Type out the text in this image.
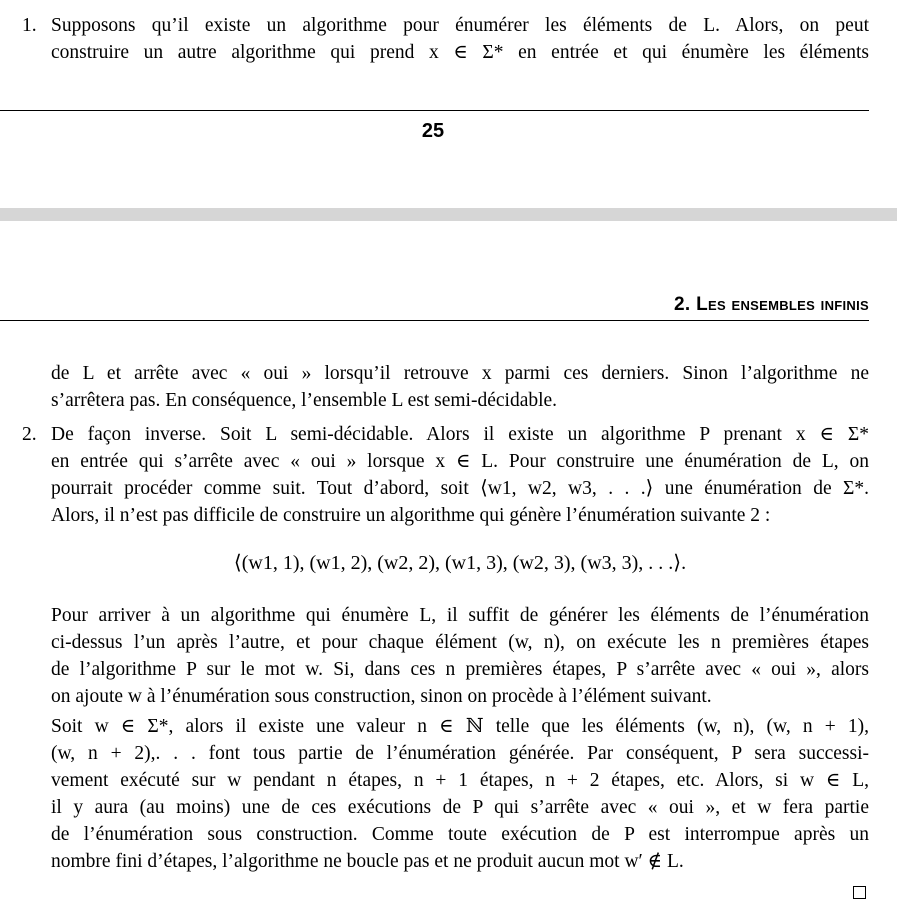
1. Supposons qu’il existe un algorithme pour énumérer les éléments de L. Alors, on peut
construire un autre algorithme qui prend x ∈ Σ* en entrée et qui énumère les éléments
25
2. Les ensembles infinis
de L et arrête avec « oui » lorsqu’il retrouve x parmi ces derniers. Sinon l’algorithme ne
s’arrêtera pas. En conséquence, l’ensemble L est semi-décidable.
2. De façon inverse. Soit L semi-décidable. Alors il existe un algorithme P prenant x ∈ Σ*
en entrée qui s’arrête avec « oui » lorsque x ∈ L. Pour construire une énumération de L, on
pourrait procéder comme suit. Tout d’abord, soit ⟨w1, w2, w3, . . .⟩ une énumération de Σ*.
Alors, il n’est pas difficile de construire un algorithme qui génère l’énumération suivante 2 :
⟨(w1, 1), (w1, 2), (w2, 2), (w1, 3), (w2, 3), (w3, 3), . . .⟩.
Pour arriver à un algorithme qui énumère L, il suffit de générer les éléments de l’énumération
ci-dessus l’un après l’autre, et pour chaque élément (w, n), on exécute les n premières étapes
de l’algorithme P sur le mot w. Si, dans ces n premières étapes, P s’arrête avec « oui », alors
on ajoute w à l’énumération sous construction, sinon on procède à l’élément suivant.
Soit w ∈ Σ*, alors il existe une valeur n ∈ ℕ telle que les éléments (w, n), (w, n + 1),
(w, n + 2),. . . font tous partie de l’énumération générée. Par conséquent, P sera successi-
vement exécuté sur w pendant n étapes, n + 1 étapes, n + 2 étapes, etc. Alors, si w ∈ L,
il y aura (au moins) une de ces exécutions de P qui s’arrête avec « oui », et w fera partie
de l’énumération sous construction. Comme toute exécution de P est interrompue après un
nombre fini d’étapes, l’algorithme ne boucle pas et ne produit aucun mot w′ ∉ L.
